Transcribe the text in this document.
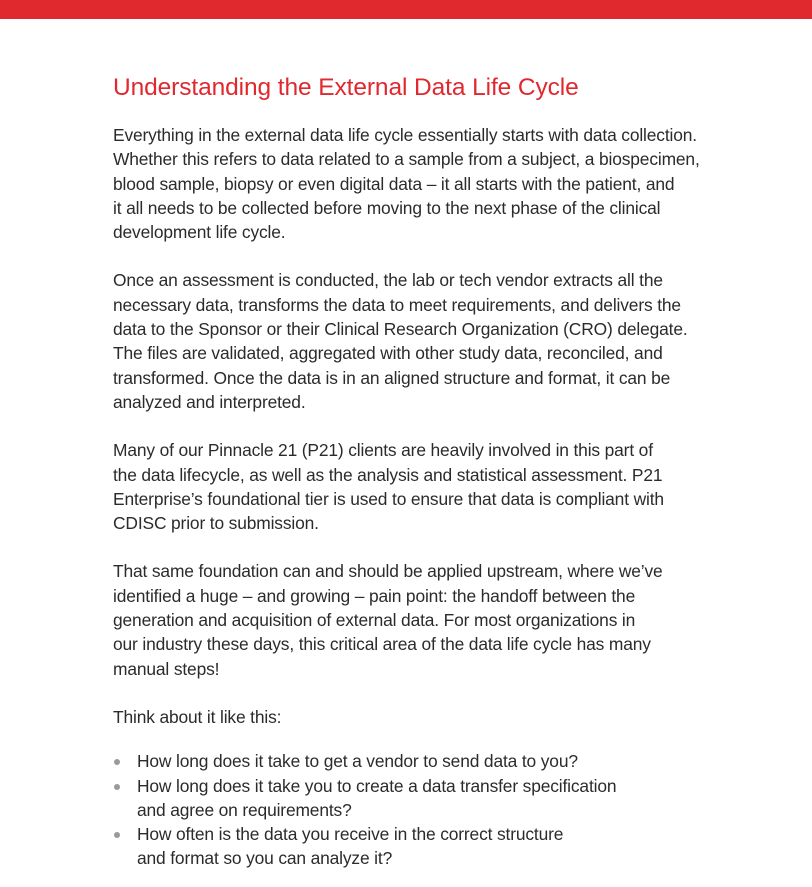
Understanding the External Data Life Cycle

Everything in the external data life cycle essentially starts with data collection.
Whether this refers to data related to a sample from a subject, a biospecimen,
blood sample, biopsy or even digital data – it all starts with the patient, and
it all needs to be collected before moving to the next phase of the clinical
development life cycle.

Once an assessment is conducted, the lab or tech vendor extracts all the
necessary data, transforms the data to meet requirements, and delivers the
data to the Sponsor or their Clinical Research Organization (CRO) delegate.
The files are validated, aggregated with other study data, reconciled, and
transformed. Once the data is in an aligned structure and format, it can be
analyzed and interpreted.

Many of our Pinnacle 21 (P21) clients are heavily involved in this part of
the data lifecycle, as well as the analysis and statistical assessment. P21
Enterprise’s foundational tier is used to ensure that data is compliant with
CDISC prior to submission.

That same foundation can and should be applied upstream, where we’ve
identified a huge – and growing – pain point: the handoff between the
generation and acquisition of external data. For most organizations in
our industry these days, this critical area of the data life cycle has many
manual steps!

Think about it like this:

How long does it take to get a vendor to send data to you?
How long does it take you to create a data transfer specification
and agree on requirements?
How often is the data you receive in the correct structure
and format so you can analyze it?
